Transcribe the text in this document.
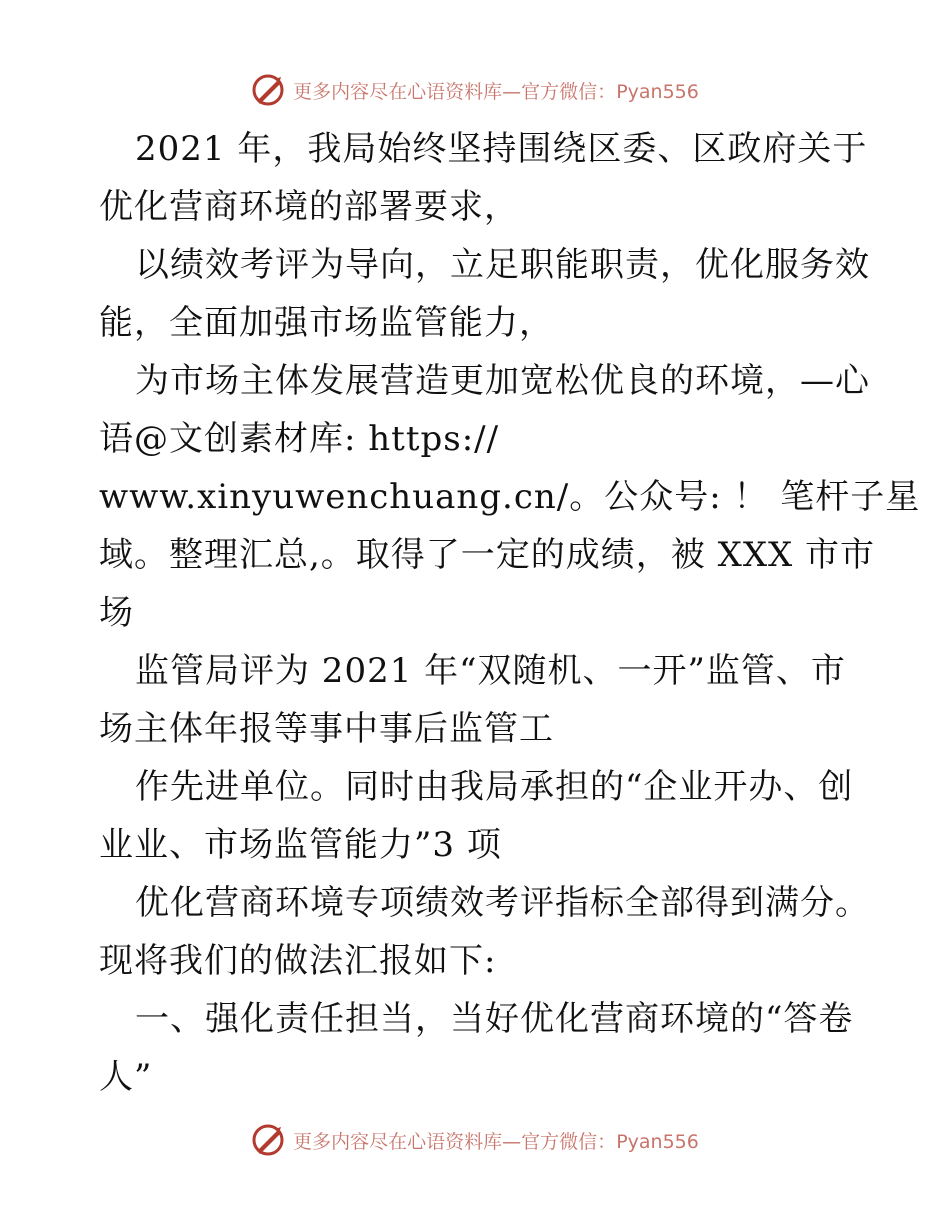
更多内容尽在心语资料库—官方微信：Pyan556
2021 年，我局始终坚持围绕区委、区政府关于
优化营商环境的部署要求，
以绩效考评为导向，立足职能职责，优化服务效
能，全面加强市场监管能力，
为市场主体发展营造更加宽松优良的环境，—心
语@文创素材库: https://
www.xinyuwenchuang.cn/。公众号: ！ 笔杆子星
域。整理汇总,。取得了一定的成绩，被 XXX 市市
场
监管局评为 2021 年“双随机、一开”监管、市
场主体年报等事中事后监管工
作先进单位。同时由我局承担的“企业开办、创
业业、市场监管能力”3 项
优化营商环境专项绩效考评指标全部得到满分。
现将我们的做法汇报如下:
一、强化责任担当，当好优化营商环境的“答卷
人”
更多内容尽在心语资料库—官方微信：Pyan556
